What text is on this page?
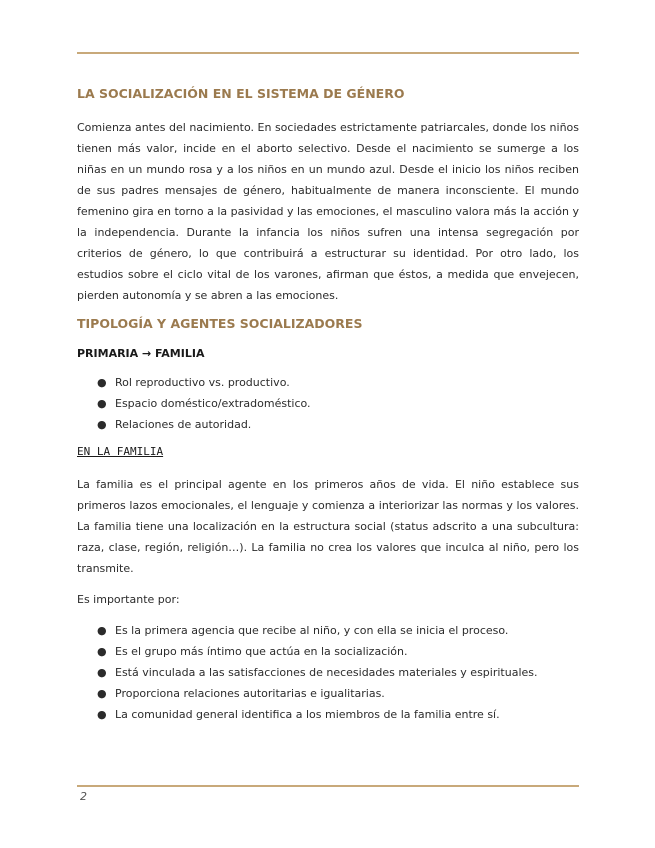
LA SOCIALIZACIÓN EN EL SISTEMA DE GÉNERO

Comienza antes del nacimiento. En sociedades estrictamente patriarcales, donde los niños tienen más valor, incide en el aborto selectivo. Desde el nacimiento se sumerge a los niñas en un mundo rosa y a los niños en un mundo azul. Desde el inicio los niños reciben de sus padres mensajes de género, habitualmente de manera inconsciente. El mundo femenino gira en torno a la pasividad y las emociones, el masculino valora más la acción y la independencia. Durante la infancia los niños sufren una intensa segregación por criterios de género, lo que contribuirá a estructurar su identidad. Por otro lado, los estudios sobre el ciclo vital de los varones, afirman que éstos, a medida que envejecen, pierden autonomía y se abren a las emociones.

TIPOLOGÍA Y AGENTES SOCIALIZADORES
PRIMARIA → FAMILIA
● Rol reproductivo vs. productivo.
● Espacio doméstico/extradoméstico.
● Relaciones de autoridad.
EN LA FAMILIA

La familia es el principal agente en los primeros años de vida. El niño establece sus primeros lazos emocionales, el lenguaje y comienza a interiorizar las normas y los valores. La familia tiene una localización en la estructura social (status adscrito a una subcultura: raza, clase, región, religión…). La familia no crea los valores que inculca al niño, pero los transmite.

Es importante por:

● Es la primera agencia que recibe al niño, y con ella se inicia el proceso.
● Es el grupo más íntimo que actúa en la socialización.
● Está vinculada a las satisfacciones de necesidades materiales y espirituales.
● Proporciona relaciones autoritarias e igualitarias.
● La comunidad general identifica a los miembros de la familia entre sí.
2
